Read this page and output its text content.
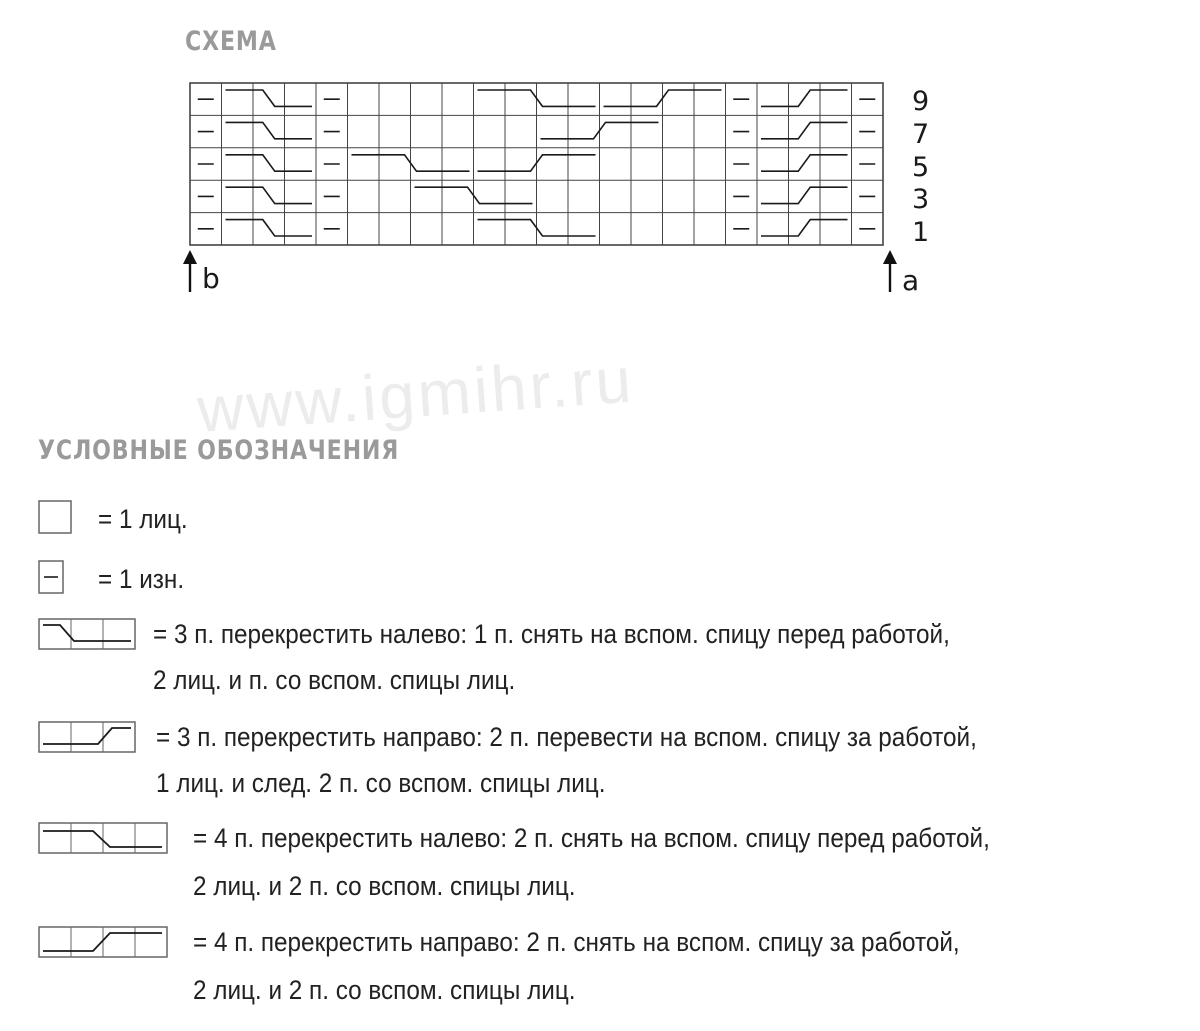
СХЕМА
www.igmihr.ru
9
7
5
3
1
b	a
УСЛОВНЫЕ ОБОЗНАЧЕНИЯ
= 1 лиц.
= 1 изн.
= 3 п. перекрестить налево: 1 п. снять на вспом. спицу перед работой,
2 лиц. и п. со вспом. спицы лиц.
= 3 п. перекрестить направо: 2 п. перевести на вспом. спицу за работой,
1 лиц. и след. 2 п. со вспом. спицы лиц.
= 4 п. перекрестить налево: 2 п. снять на вспом. спицу перед работой,
2 лиц. и 2 п. со вспом. спицы лиц.
= 4 п. перекрестить направо: 2 п. снять на вспом. спицу за работой,
2 лиц. и 2 п. со вспом. спицы лиц.
